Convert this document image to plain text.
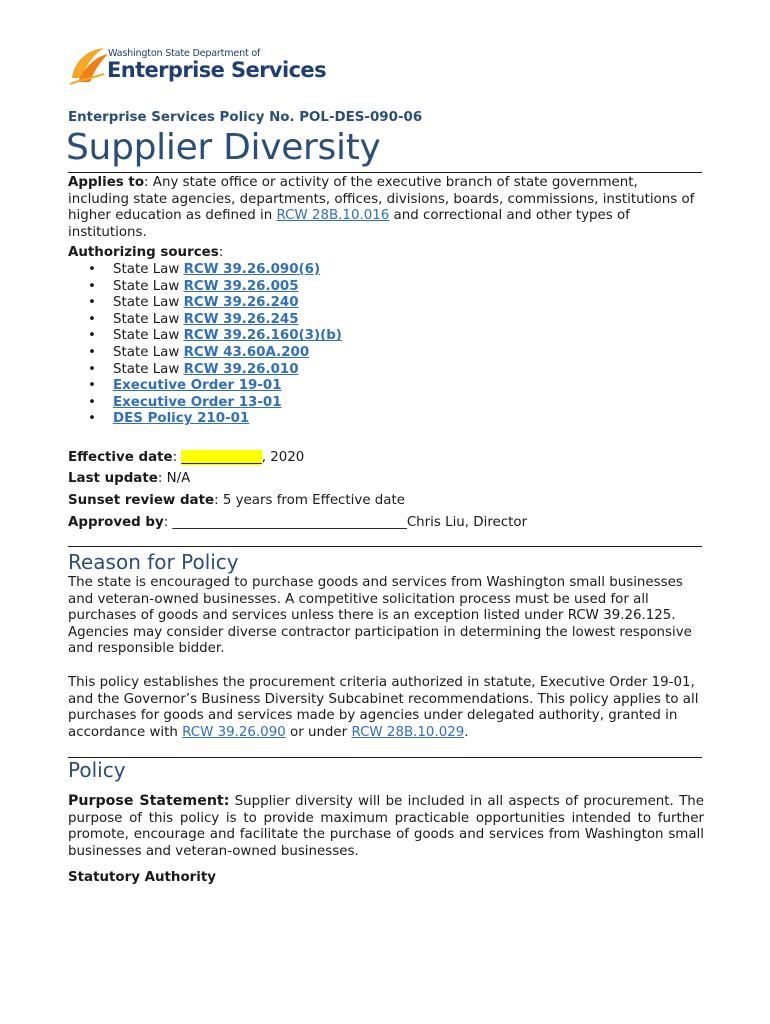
Washington State Department of
Enterprise Services
Enterprise Services Policy No. POL-DES-090-06
Supplier Diversity
Applies to: Any state office or activity of the executive branch of state government, including state agencies, departments, offices, divisions, boards, commissions, institutions of higher education as defined in RCW 28B.10.016 and correctional and other types of institutions.
Authorizing sources:
• State Law RCW 39.26.090(6)
• State Law RCW 39.26.005
• State Law RCW 39.26.240
• State Law RCW 39.26.245
• State Law RCW 39.26.160(3)(b)
• State Law RCW 43.60A.200
• State Law RCW 39.26.010
• Executive Order 19-01
• Executive Order 13-01
• DES Policy 210-01
Effective date: ____________, 2020
Last update: N/A
Sunset review date: 5 years from Effective date
Approved by: ___________________________________Chris Liu, Director
Reason for Policy
The state is encouraged to purchase goods and services from Washington small businesses and veteran-owned businesses. A competitive solicitation process must be used for all purchases of goods and services unless there is an exception listed under RCW 39.26.125. Agencies may consider diverse contractor participation in determining the lowest responsive and responsible bidder.
This policy establishes the procurement criteria authorized in statute, Executive Order 19-01, and the Governor’s Business Diversity Subcabinet recommendations. This policy applies to all purchases for goods and services made by agencies under delegated authority, granted in accordance with RCW 39.26.090 or under RCW 28B.10.029.
Policy
Purpose Statement: Supplier diversity will be included in all aspects of procurement. The purpose of this policy is to provide maximum practicable opportunities intended to further promote, encourage and facilitate the purchase of goods and services from Washington small businesses and veteran-owned businesses.
Statutory Authority
